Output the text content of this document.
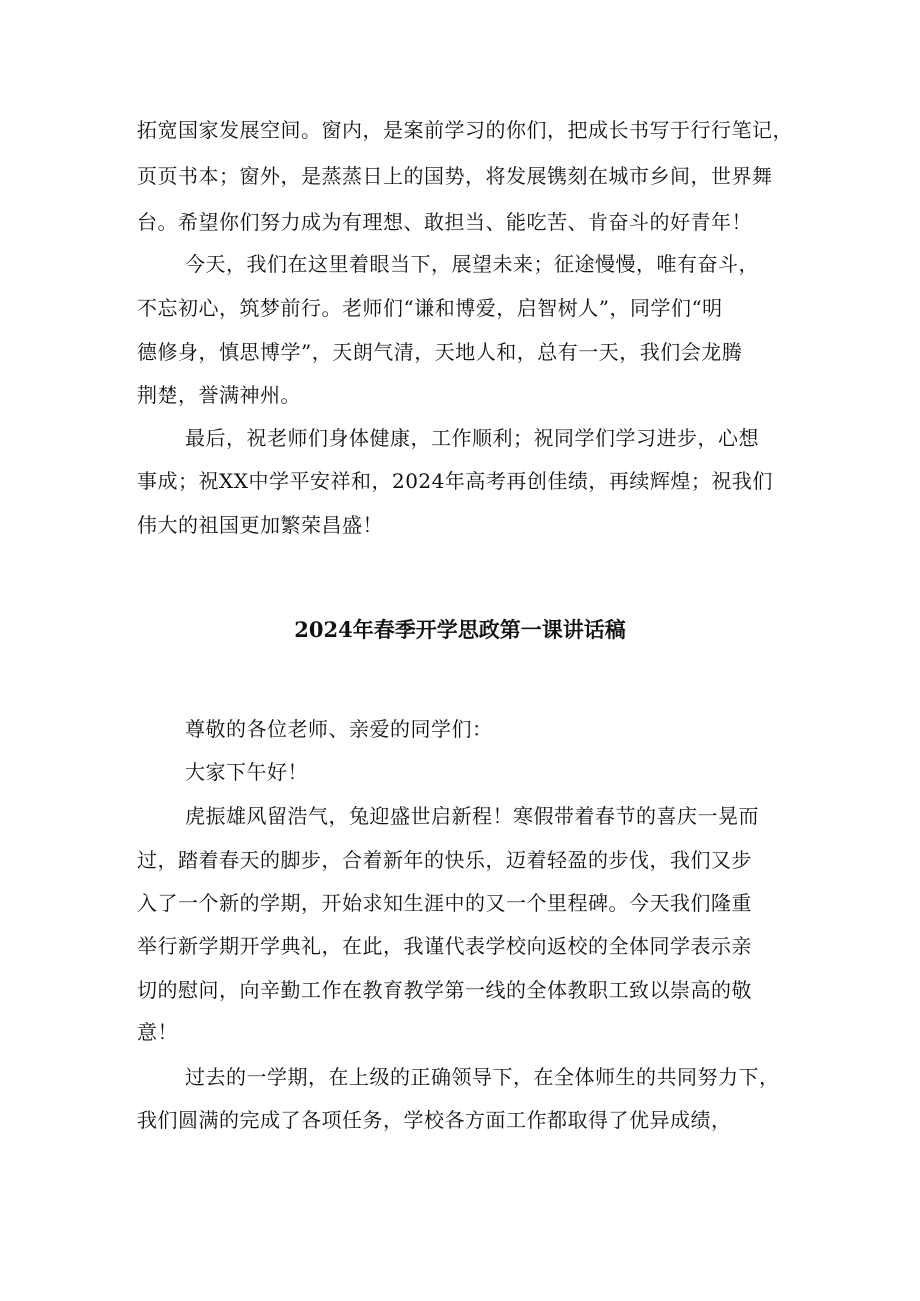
拓宽国家发展空间。窗内，是案前学习的你们，把成长书写于行行笔记，
页页书本；窗外，是蒸蒸日上的国势，将发展镌刻在城市乡间，世界舞
台。希望你们努力成为有理想、敢担当、能吃苦、肯奋斗的好青年！
今天，我们在这里着眼当下，展望未来；征途慢慢，唯有奋斗，
不忘初心，筑梦前行。老师们“谦和博爱，启智树人”，同学们“明
德修身，慎思博学”，天朗气清，天地人和，总有一天，我们会龙腾
荆楚，誉满神州。
最后，祝老师们身体健康，工作顺利；祝同学们学习进步，心想
事成；祝XX中学平安祥和，2024年高考再创佳绩，再续辉煌；祝我们
伟大的祖国更加繁荣昌盛！
2024年春季开学思政第一课讲话稿
尊敬的各位老师、亲爱的同学们：
大家下午好！
虎振雄风留浩气，兔迎盛世启新程！寒假带着春节的喜庆一晃而
过，踏着春天的脚步，合着新年的快乐，迈着轻盈的步伐，我们又步
入了一个新的学期，开始求知生涯中的又一个里程碑。今天我们隆重
举行新学期开学典礼，在此，我谨代表学校向返校的全体同学表示亲
切的慰问，向辛勤工作在教育教学第一线的全体教职工致以崇高的敬
意！
过去的一学期，在上级的正确领导下，在全体师生的共同努力下，
我们圆满的完成了各项任务，学校各方面工作都取得了优异成绩，
